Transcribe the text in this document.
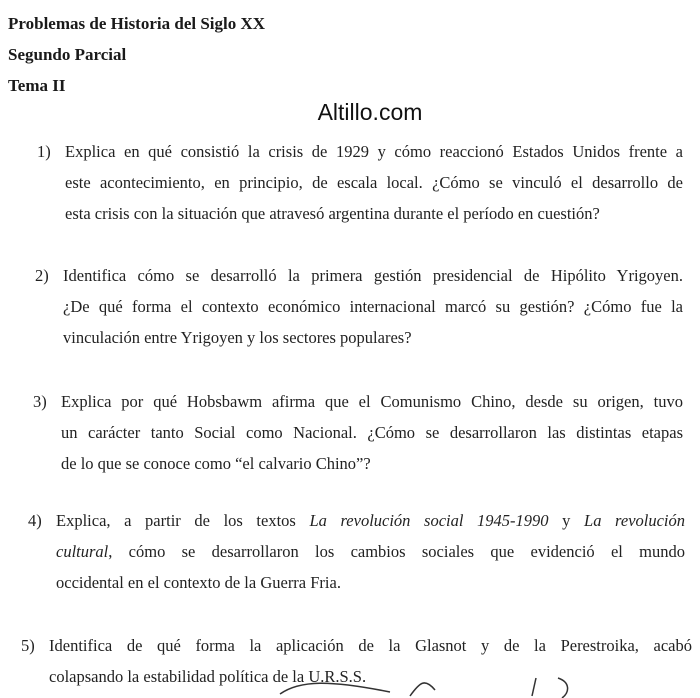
Problemas de Historia del Siglo XX
Segundo Parcial
Tema II
Altillo.com
1) Explica en qué consistió la crisis de 1929 y cómo reaccionó Estados Unidos frente a
este acontecimiento, en principio, de escala local. ¿Cómo se vinculó el desarrollo de
esta crisis con la situación que atravesó argentina durante el período en cuestión?
2) Identifica cómo se desarrolló la primera gestión presidencial de Hipólito Yrigoyen.
¿De qué forma el contexto económico internacional marcó su gestión? ¿Cómo fue la
vinculación entre Yrigoyen y los sectores populares?
3) Explica por qué Hobsbawm afirma que el Comunismo Chino, desde su origen, tuvo
un carácter tanto Social como Nacional. ¿Cómo se desarrollaron las distintas etapas
de lo que se conoce como “el calvario Chino”?
4) Explica, a partir de los textos La revolución social 1945-1990 y La revolución
cultural, cómo se desarrollaron los cambios sociales que evidenció el mundo
occidental en el contexto de la Guerra Fria.
5) Identifica de qué forma la aplicación de la Glasnot y de la Perestroika, acabó
colapsando la estabilidad política de la U.R.S.S.
